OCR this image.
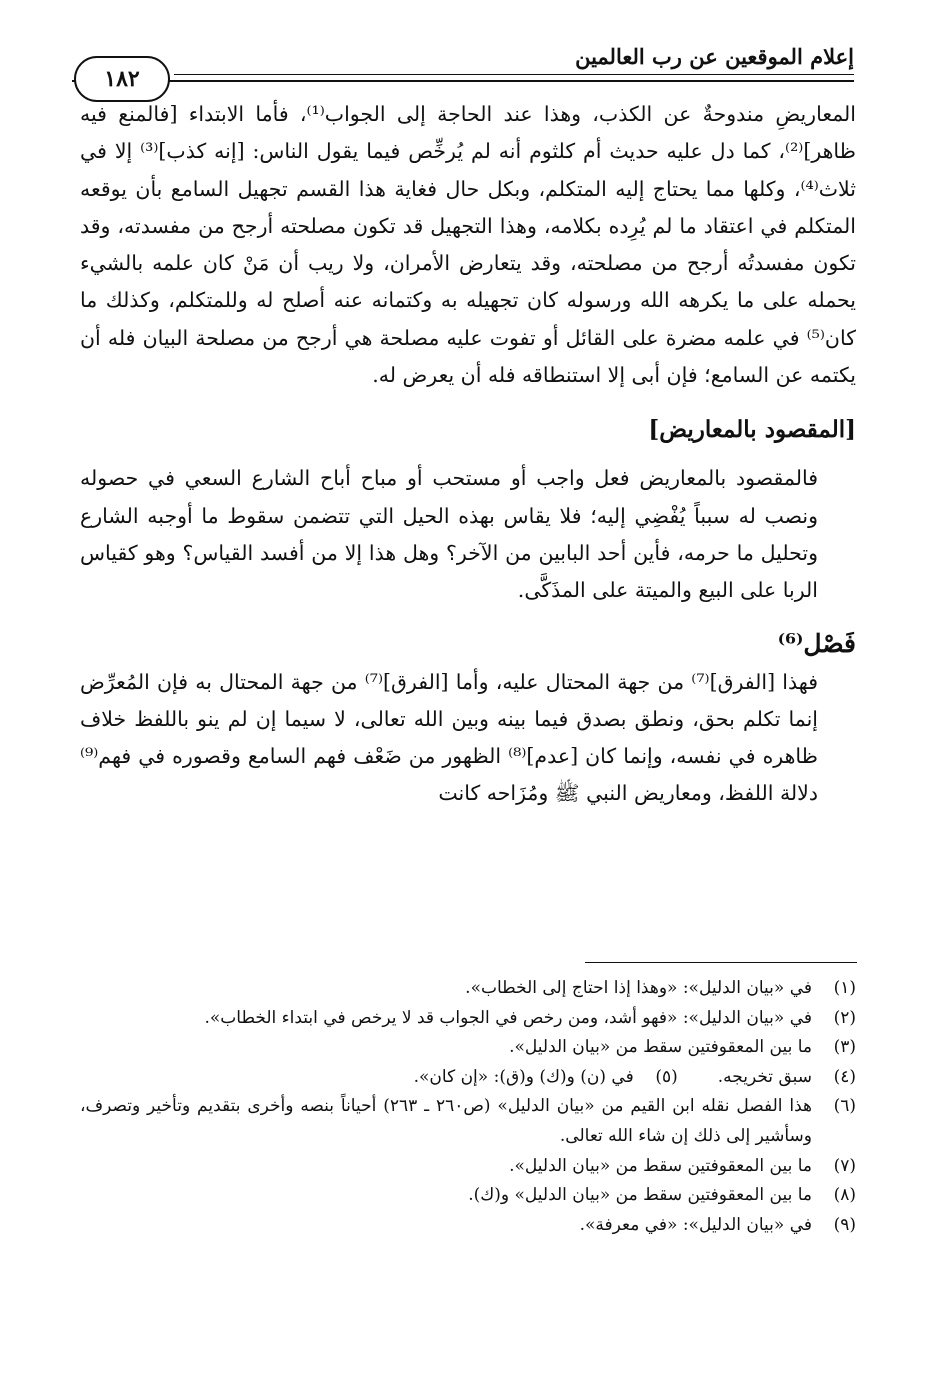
إعلام الموقعين عن رب العالمين
١٨٢

المعاريضِ مندوحةٌ عن الكذب، وهذا عند الحاجة إلى الجواب⁽¹⁾، فأما الابتداء [فالمنع فيه ظاهر]⁽²⁾، كما دل عليه حديث أم كلثوم أنه لم يُرخِّص فيما يقول الناس: [إنه كذب]⁽³⁾ إلا في ثلاث⁽⁴⁾، وكلها مما يحتاج إليه المتكلم، وبكل حال فغاية هذا القسم تجهيل السامع بأن يوقعه المتكلم في اعتقاد ما لم يُرِده بكلامه، وهذا التجهيل قد تكون مصلحته أرجح من مفسدته، وقد تكون مفسدتُه أرجح من مصلحته، وقد يتعارض الأمران، ولا ريب أن مَنْ كان علمه بالشيء يحمله على ما يكرهه الله ورسوله كان تجهيله به وكتمانه عنه أصلح له وللمتكلم، وكذلك ما كان⁽⁵⁾ في علمه مضرة على القائل أو تفوت عليه مصلحة هي أرجح من مصلحة البيان فله أن يكتمه عن السامع؛ فإن أبى إلا استنطاقه فله أن يعرض له.

[المقصود بالمعاريض]

فالمقصود بالمعاريض فعل واجب أو مستحب أو مباح أباح الشارع السعي في حصوله ونصب له سبباً يُفْضِي إليه؛ فلا يقاس بهذه الحيل التي تتضمن سقوط ما أوجبه الشارع وتحليل ما حرمه، فأين أحد البابين من الآخر؟ وهل هذا إلا من أفسد القياس؟ وهو كقياس الربا على البيع والميتة على المذَكَّى.

فَصْل⁽⁶⁾

فهذا [الفرق]⁽⁷⁾ من جهة المحتال عليه، وأما [الفرق]⁽⁷⁾ من جهة المحتال به فإن المُعرِّض إنما تكلم بحق، ونطق بصدق فيما بينه وبين الله تعالى، لا سيما إن لم ينو باللفظ خلاف ظاهره في نفسه، وإنما كان [عدم]⁽⁸⁾ الظهور من ضَعْف فهم السامع وقصوره في فهم⁽⁹⁾ دلالة اللفظ، ومعاريض النبي ﷺ ومُزَاحه كانت

(١)
في «بيان الدليل»: «وهذا إذا احتاج إلى الخطاب».
(٢)
في «بيان الدليل»: «فهو أشد، ومن رخص في الجواب قد لا يرخص في ابتداء الخطاب».
(٣)
ما بين المعقوفتين سقط من «بيان الدليل».
(٤)
سبق تخريجه.
(٥)
في (ن) و(ك) و(ق): «إن كان».
(٦)
هذا الفصل نقله ابن القيم من «بيان الدليل» (ص٢٦٠ ـ ٢٦٣) أحياناً بنصه وأخرى بتقديم وتأخير وتصرف، وسأشير إلى ذلك إن شاء الله تعالى.
(٧)
ما بين المعقوفتين سقط من «بيان الدليل».
(٨)
ما بين المعقوفتين سقط من «بيان الدليل» و(ك).
(٩)
في «بيان الدليل»: «في معرفة».
